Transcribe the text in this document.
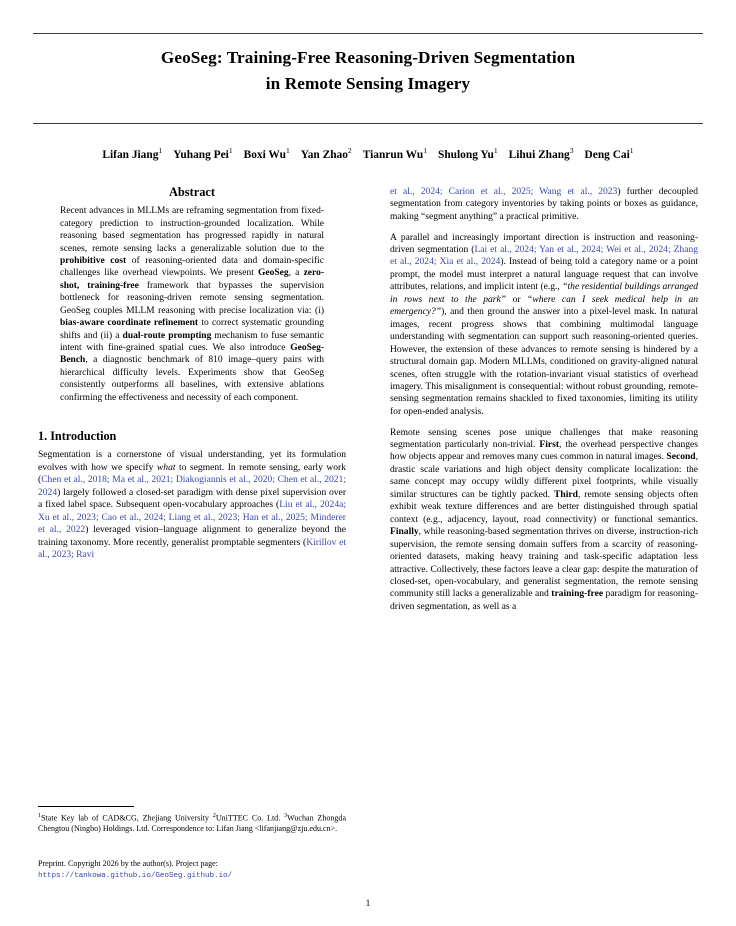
GeoSeg: Training-Free Reasoning-Driven Segmentation
in Remote Sensing Imagery
Lifan Jiang$^1$ Yuhang Pei$^1$ Boxi Wu$^1$ Yan Zhao$^2$ Tianrun Wu$^1$ Shulong Yu$^1$ Lihui Zhang$^3$ Deng Cai$^1$
Abstract
Recent advances in MLLMs are reframing segmentation from fixed-category prediction to instruction-grounded localization. While reasoning based segmentation has progressed rapidly in natural scenes, remote sensing lacks a generalizable solution due to the prohibitive cost of reasoning-oriented data and domain-specific challenges like overhead viewpoints. We present GeoSeg, a zero-shot, training-free framework that bypasses the supervision bottleneck for reasoning-driven remote sensing segmentation. GeoSeg couples MLLM reasoning with precise localization via: (i) bias-aware coordinate refinement to correct systematic grounding shifts and (ii) a dual-route prompting mechanism to fuse semantic intent with fine-grained spatial cues. We also introduce GeoSeg-Bench, a diagnostic benchmark of 810 image–query pairs with hierarchical difficulty levels. Experiments show that GeoSeg consistently outperforms all baselines, with extensive ablations confirming the effectiveness and necessity of each component.
1. Introduction

Segmentation is a cornerstone of visual understanding, yet its formulation evolves with how we specify what to segment. In remote sensing, early work (Chen et al., 2018; Ma et al., 2021; Diakogiannis et al., 2020; Chen et al., 2021; 2024) largely followed a closed-set paradigm with dense pixel supervision over a fixed label space. Subsequent open-vocabulary approaches (Liu et al., 2024a; Xu et al., 2023; Cao et al., 2024; Liang et al., 2023; Han et al., 2025; Minderer et al., 2022) leveraged vision–language alignment to generalize beyond the training taxonomy. More recently, generalist promptable segmenters (Kirillov et al., 2023; Ravi

et al., 2024; Carion et al., 2025; Wang et al., 2023) further decoupled segmentation from category inventories by taking points or boxes as guidance, making “segment anything” a practical primitive.

A parallel and increasingly important direction is instruction and reasoning-driven segmentation (Lai et al., 2024; Yan et al., 2024; Wei et al., 2024; Zhang et al., 2024; Xia et al., 2024). Instead of being told a category name or a point prompt, the model must interpret a natural language request that can involve attributes, relations, and implicit intent (e.g., “the residential buildings arranged in rows next to the park” or “where can I seek medical help in an emergency?”), and then ground the answer into a pixel-level mask. In natural images, recent progress shows that combining multimodal language understanding with segmentation can support such reasoning-oriented queries. However, the extension of these advances to remote sensing is hindered by a structural domain gap. Modern MLLMs, conditioned on gravity-aligned natural scenes, often struggle with the rotation-invariant visual statistics of overhead imagery. This misalignment is consequential: without robust grounding, remote-sensing segmentation remains shackled to fixed taxonomies, limiting its utility for open-ended analysis.

Remote sensing scenes pose unique challenges that make reasoning segmentation particularly non-trivial. First, the overhead perspective changes how objects appear and removes many cues common in natural images. Second, drastic scale variations and high object density complicate localization: the same concept may occupy wildly different pixel footprints, while visually similar structures can be tightly packed. Third, remote sensing objects often exhibit weak texture differences and are better distinguished through spatial context (e.g., adjacency, layout, road connectivity) or functional semantics. Finally, while reasoning-based segmentation thrives on diverse, instruction-rich supervision, the remote sensing domain suffers from a scarcity of reasoning-oriented datasets, making heavy training and task-specific adaptation less attractive. Collectively, these factors leave a clear gap: despite the maturation of closed-set, open-vocabulary, and generalist segmentation, the remote sensing community still lacks a generalizable and training-free paradigm for reasoning-driven segmentation, as well as a

$^1$State Key lab of CAD&CG, Zhejiang University $^2$UniTTEC Co. Ltd. $^3$Wuchan Zhongda Chengtou (Ningbo) Holdings. Ltd. Correspondence to: Lifan Jiang <lifanjiang@zju.edu.cn>.
Preprint. Copyright 2026 by the author(s). Project page: https://tankowa.github.io/GeoSeg.github.io/
1
